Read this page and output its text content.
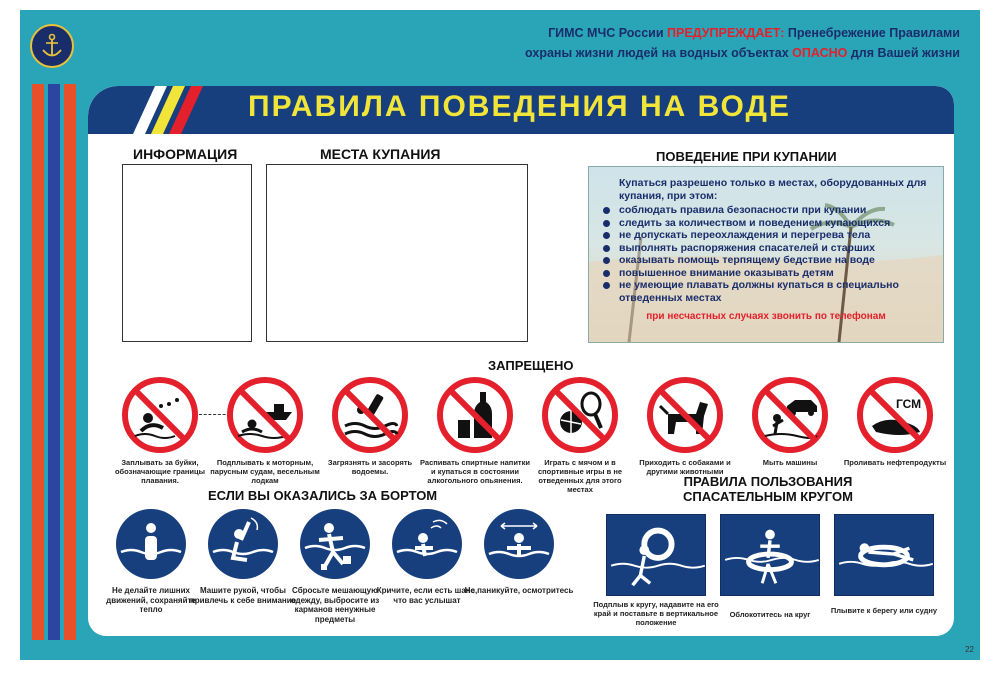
ГИМС МЧС России ПРЕДУПРЕЖДАЕТ: Пренебрежение Правилами
охраны жизни людей на водных объектах ОПАСНО для Вашей жизни
ПРАВИЛА ПОВЕДЕНИЯ НА ВОДЕ
ИНФОРМАЦИЯ	МЕСТА КУПАНИЯ	ПОВЕДЕНИЕ ПРИ КУПАНИИ
Купаться разрешено только в местах, оборудованных для купания, при этом:
соблюдать правила безопасности при купании
следить за количеством и поведением купающихся
не допускать переохлаждения и перегрева тела
выполнять распоряжения спасателей и старших
оказывать помощь терпящему бедствие на воде
повышенное внимание оказывать детям
не умеющие плавать должны купаться в специально отведенных местах
при несчастных случаях звонить по телефонам
ЗАПРЕЩЕНО
ГСМ
Заплывать за буйки, обозначающие границы плавания.
Подплывать к моторным, парусным судам, весельным лодкам
Загрязнять и засорять водоемы.
Распивать спиртные напитки и купаться в состоянии алкогольного опьянения.
Играть с мячом и в спортивные игры в не отведенных для этого местах
Приходить с собаками и другими животными
Мыть машины	Проливать нефтепродукты
ЕСЛИ ВЫ ОКАЗАЛИСЬ ЗА БОРТОМ
ПРАВИЛА ПОЛЬЗОВАНИЯ
СПАСАТЕЛЬНЫМ КРУГОМ
Не делайте лишних движений, сохраняйте тепло
Машите рукой, чтобы привлечь к себе внимание
Сбросьте мешающую одежду, выбросите из карманов ненужные предметы
Кричите, если есть шанс, что вас услышат
Не паникуйте, осмотритесь
Подплыв к кругу, надавите на его край и поставьте в вертикальное положение
Облокотитесь на круг	Плывите к берегу или судну
22
